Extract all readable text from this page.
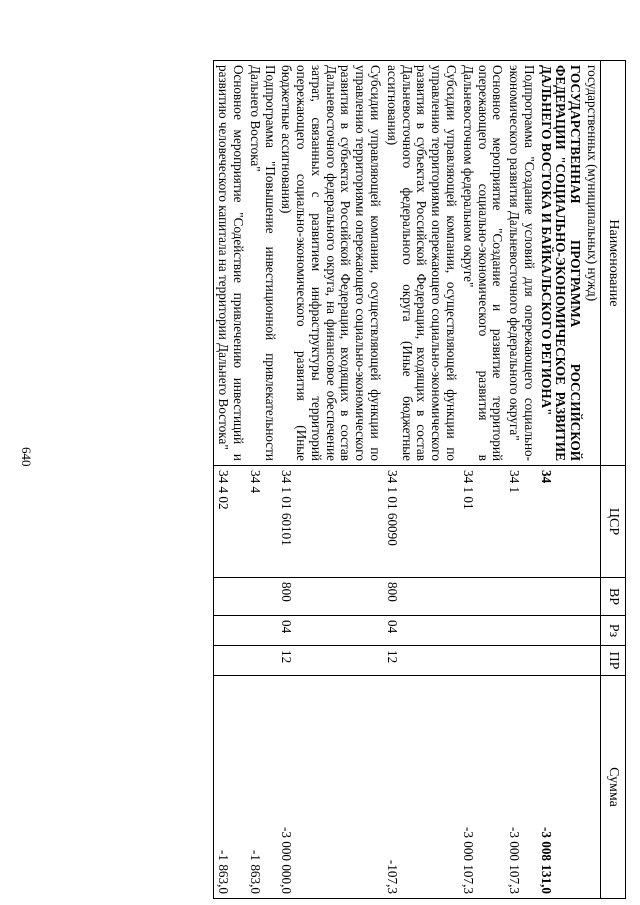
640
Наименование	ЦСР	ВР	Рз	ПР	Сумма
государственных (муниципальных) нужд)					
ГОСУДАРСТВЕННАЯ ПРОГРАММА РОССИЙСКОЙ ФЕДЕРАЦИИ "СОЦИАЛЬНО-ЭКОНОМИЧЕСКОЕ РАЗВИТИЕ ДАЛЬНЕГО ВОСТОКА И БАЙКАЛЬСКОГО РЕГИОНА"	34				-3 008 131,0
Подпрограмма "Создание условий для опережающего социально-экономического развития Дальневосточного федерального округа"	34 1				-3 000 107,3
Основное мероприятие "Создание и развитие территорий опережающего социально-экономического развития в Дальневосточном федеральном округе"	34 1 01				-3 000 107,3
Субсидии управляющей компании, осуществляющей функции по управлению территориями опережающего социально-экономического развития в субъектах Российской Федерации, входящих в состав Дальневосточного федерального округа (Иные бюджетные ассигнования)	34 1 01 60090	800	04	12	-107,3
Субсидии управляющей компании, осуществляющей функции по управлению территориями опережающего социально-экономического развития в субъектах Российской Федерации, входящих в состав Дальневосточного федерального округа, на финансовое обеспечение затрат, связанных с развитием инфраструктуры территорий опережающего социально-экономического развития (Иные бюджетные ассигнования)	34 1 01 60101	800	04	12	-3 000 000,0
Подпрограмма "Повышение инвестиционной привлекательности Дальнего Востока"	34 4				-1 863,0
Основное мероприятие "Содействие привлечению инвестиций и развитию человеческого капитала на территории Дальнего Востока"	34 4 02				-1 863,0
